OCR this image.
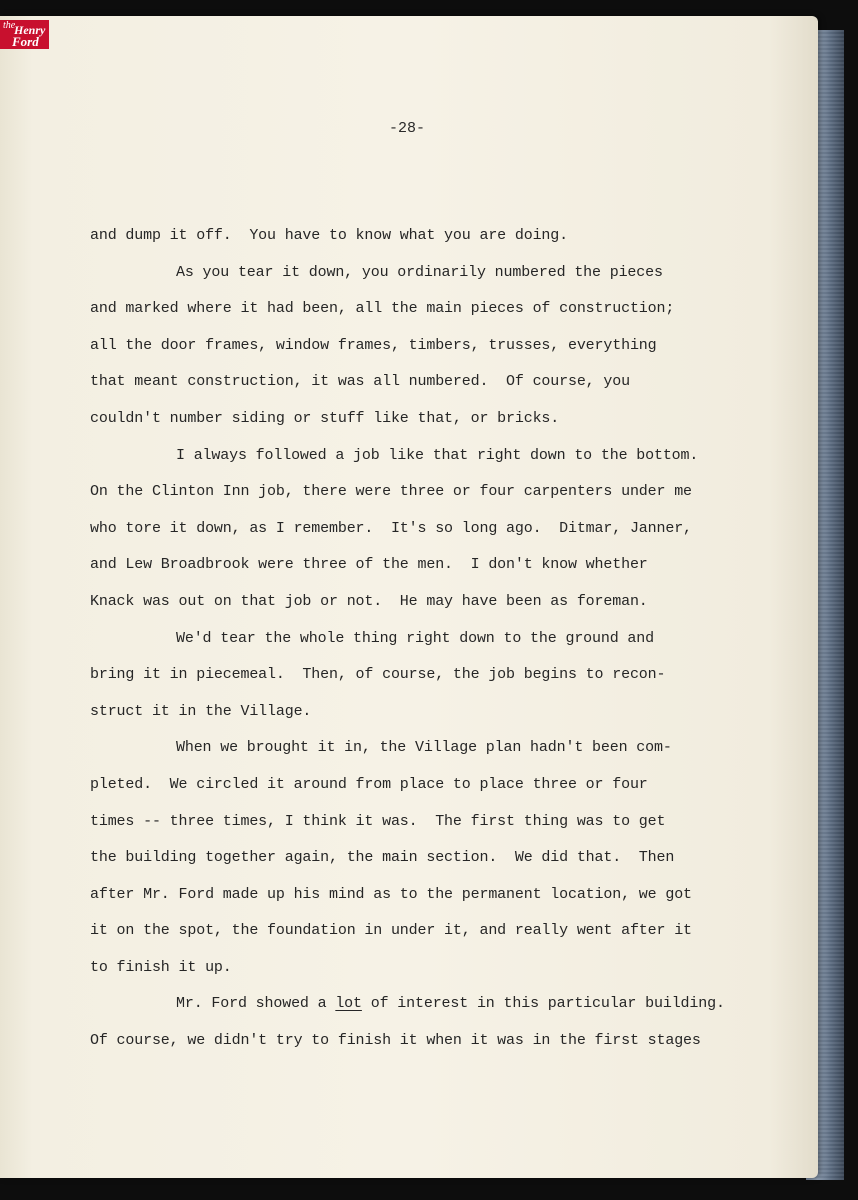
-28-
and dump it off.  You have to know what you are doing.
As you tear it down, you ordinarily numbered the pieces
and marked where it had been, all the main pieces of construction;
all the door frames, window frames, timbers, trusses, everything
that meant construction, it was all numbered.  Of course, you
couldn't number siding or stuff like that, or bricks.
I always followed a job like that right down to the bottom.
On the Clinton Inn job, there were three or four carpenters under me
who tore it down, as I remember.  It's so long ago.  Ditmar, Janner,
and Lew Broadbrook were three of the men.  I don't know whether
Knack was out on that job or not.  He may have been as foreman.
We'd tear the whole thing right down to the ground and
bring it in piecemeal.  Then, of course, the job begins to recon-
struct it in the Village.
When we brought it in, the Village plan hadn't been com-
pleted.  We circled it around from place to place three or four
times -- three times, I think it was.  The first thing was to get
the building together again, the main section.  We did that.  Then
after Mr. Ford made up his mind as to the permanent location, we got
it on the spot, the foundation in under it, and really went after it
to finish it up.
Mr. Ford showed a lot of interest in this particular building.
Of course, we didn't try to finish it when it was in the first stages
the
Henry
Ford
